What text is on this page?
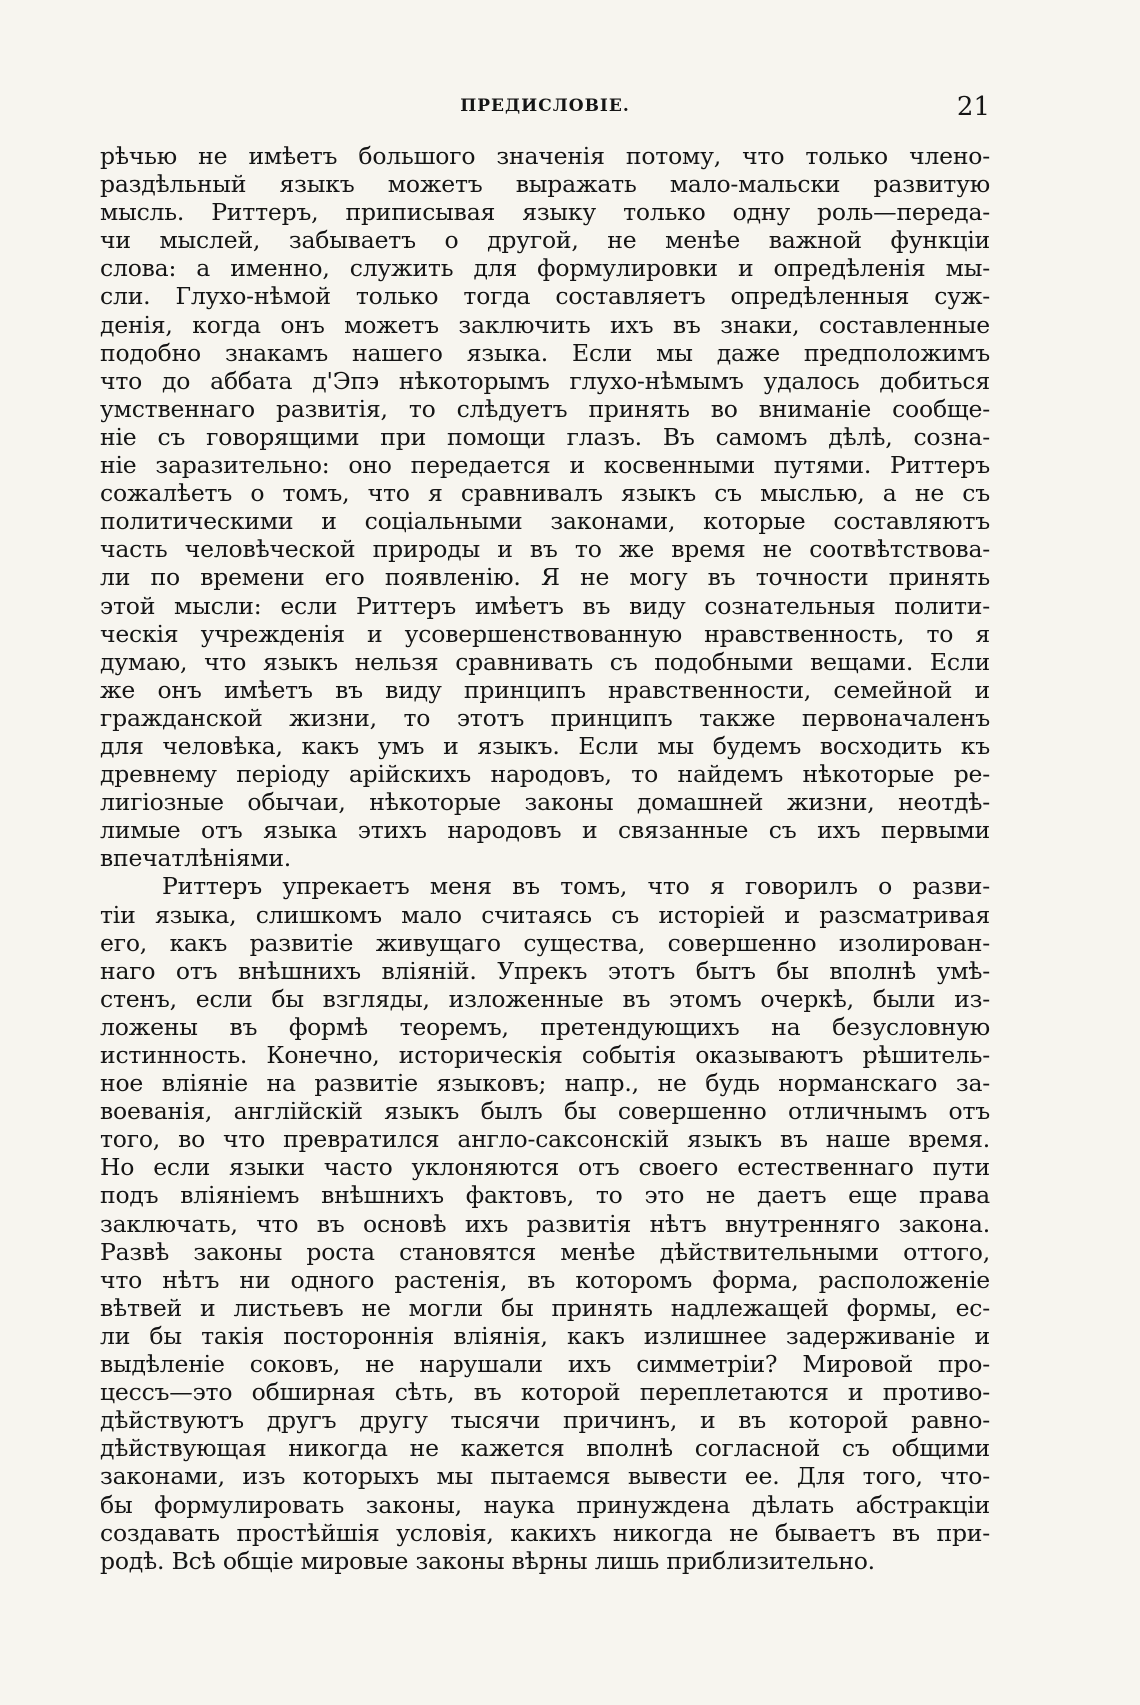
ПРЕДИСЛОВІЕ.	21
рѣчью не имѣетъ большого значенія потому, что только члено-
раздѣльный языкъ можетъ выражать мало-мальски развитую
мысль. Риттеръ, приписывая языку только одну роль—переда-
чи мыслей, забываетъ о другой, не менѣе важной функціи
слова: а именно, служить для формулировки и опредѣленія мы-
сли. Глухо-нѣмой только тогда составляетъ опредѣленныя суж-
денія, когда онъ можетъ заключить ихъ въ знаки, составленные
подобно знакамъ нашего языка. Если мы даже предположимъ
что до аббата д'Эпэ нѣкоторымъ глухо-нѣмымъ удалось добиться
умственнаго развитія, то слѣдуетъ принять во вниманіе сообще-
ніе съ говорящими при помощи глазъ. Въ самомъ дѣлѣ, созна-
ніе заразительно: оно передается и косвенными путями. Риттеръ
сожалѣетъ о томъ, что я сравнивалъ языкъ съ мыслью, а не съ
политическими и соціальными законами, которые составляютъ
часть человѣческой природы и въ то же время не соотвѣтствова-
ли по времени его появленію. Я не могу въ точности принять
этой мысли: если Риттеръ имѣетъ въ виду сознательныя полити-
ческія учрежденія и усовершенствованную нравственность, то я
думаю, что языкъ нельзя сравнивать съ подобными вещами. Если
же онъ имѣетъ въ виду принципъ нравственности, семейной и
гражданской жизни, то этотъ принципъ также первоначаленъ
для человѣка, какъ умъ и языкъ. Если мы будемъ восходить къ
древнему періоду арійскихъ народовъ, то найдемъ нѣкоторые ре-
лигіозные обычаи, нѣкоторые законы домашней жизни, неотдѣ-
лимые отъ языка этихъ народовъ и связанные съ ихъ первыми
впечатлѣніями.
Риттеръ упрекаетъ меня въ томъ, что я говорилъ о разви-
тіи языка, слишкомъ мало считаясь съ исторіей и разсматривая
его, какъ развитіе живущаго существа, совершенно изолирован-
наго отъ внѣшнихъ вліяній. Упрекъ этотъ бытъ бы вполнѣ умѣ-
стенъ, если бы взгляды, изложенные въ этомъ очеркѣ, были из-
ложены въ формѣ теоремъ, претендующихъ на безусловную
истинность. Конечно, историческія событія оказываютъ рѣшитель-
ное вліяніе на развитіе языковъ; напр., не будь норманскаго за-
воеванія, англійскій языкъ былъ бы совершенно отличнымъ отъ
того, во что превратился англо-саксонскій языкъ въ наше время.
Но если языки часто уклоняются отъ своего естественнаго пути
подъ вліяніемъ внѣшнихъ фактовъ, то это не даетъ еще права
заключать, что въ основѣ ихъ развитія нѣтъ внутренняго закона.
Развѣ законы роста становятся менѣе дѣйствительными оттого,
что нѣтъ ни одного растенія, въ которомъ форма, расположеніе
вѣтвей и листьевъ не могли бы принять надлежащей формы, ес-
ли бы такія постороннія вліянія, какъ излишнее задерживаніе и
выдѣленіе соковъ, не нарушали ихъ симметріи? Мировой про-
цессъ—это обширная сѣть, въ которой переплетаются и противо-
дѣйствуютъ другъ другу тысячи причинъ, и въ которой равно-
дѣйствующая никогда не кажется вполнѣ согласной съ общими
законами, изъ которыхъ мы пытаемся вывести ее. Для того, что-
бы формулировать законы, наука принуждена дѣлать абстракціи
создавать простѣйшія условія, какихъ никогда не бываетъ въ при-
родѣ. Всѣ общіе мировые законы вѣрны лишь приблизительно.
